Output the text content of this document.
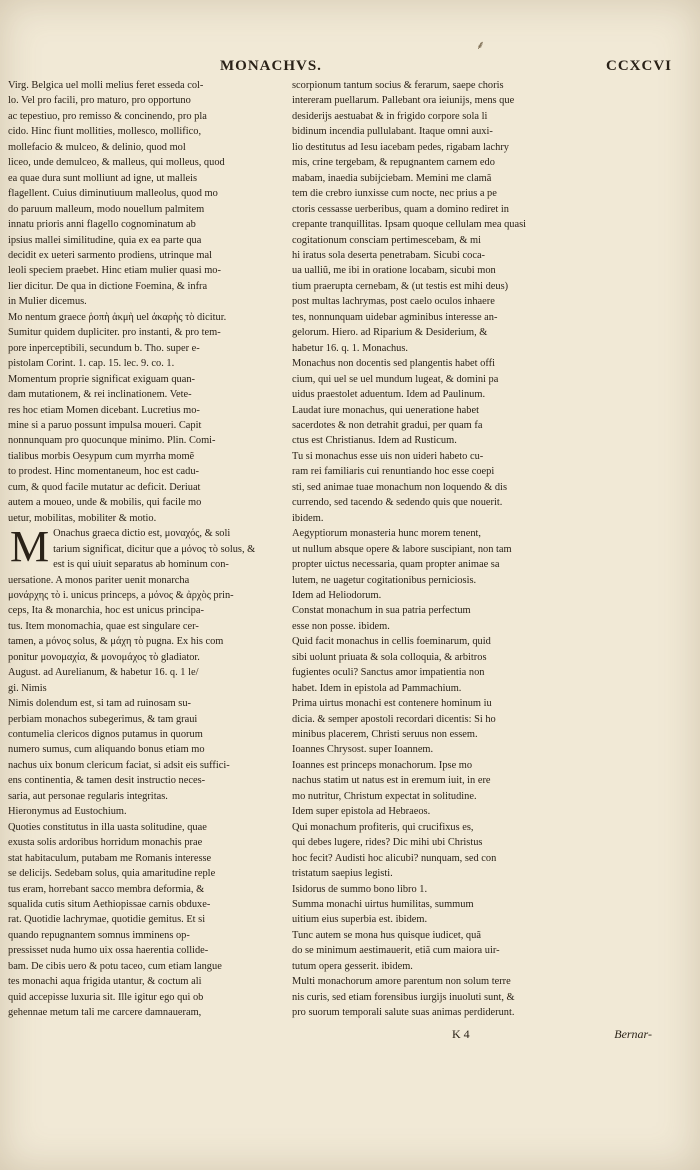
⸙
MONACHVS.	CCXCVI
Virg. Belgica uel molli melius feret essedа col-
lo. Vel pro facili, pro maturo, pro opportuno
ac tepestiuo, pro remisso & concinendo, pro pla
cido. Hinc fiunt mollities, mollesco, mollifico,
mollefacio & mulceo, & delinio, quod mol
liceo, unde demulceo, & malleus, qui molleus, quod
ea quae dura sunt molliunt ad igne, ut malleis
flagellent. Cuius diminutiuum malleolus, quod mo
do paruum malleum, modo nouellum palmitem
innatu prioris anni flagello cognominatum ab
ipsius mallei similitudine, quia ex ea parte qua
decidit ex ueteri sarmento prodiens, utrinque mal
leoli speciem praebet. Hinc etiam mulier quasi mo-
lier dicitur. De qua in dictione Foemina, & infra
in Mulier dicemus.
Mo nentum graece ῥοπὴ ἀκμὴ uel ἀκαρὴς τὸ dicitur.
Sumitur quidem dupliciter. pro instanti, & pro tem-
pore inperceptibili, secundum b. Tho. super e-
pistolam Corint. 1. cap. 15. lec. 9. co. 1.
Momentum proprie significat exiguam quan-
dam mutationem, & rei inclinationem. Vete-
res hoc etiam Momen dicebant. Lucretius mo-
mine si a paruo possunt impulsa moueri. Capit
nonnunquam pro quocunque minimo. Plin. Comi-
tialibus morbis Oesypum cum myrrha momẽ
to prodest. Hinc momentaneum, hoc est cadu-
cum, & quod facile mutatur ac deficit. Deriuat
autem a moueo, unde & mobilis, qui facile mo
uetur, mobilitas, mobiliter & motio.
M Onachus graeca dictio est, μοναχός, & soli
tarium significat, dicitur que a μόνος τὸ solus, &
est is qui uiuit separatus ab hominum con-
uersatione. A monos pariter uenit monarcha
μονάρχης τὸ i. unicus princeps, a μόνος & ἀρχὸς prin-
ceps, Ita & monarchia, hoc est unicus principa-
tus. Item monomachia, quae est singulare cer-
tamen, a μόνος solus, & μάχη τὸ pugna. Ex his com
ponitur μονομαχία, & μονομάχος τὸ gladiator.
August. ad Aurelianum, & habetur 16. q. 1 le/
gi. Nimis
Nimis dolendum est, si tam ad ruinosam su-
perbiam monachos subegerimus, & tam graui
contumelia clericos dignos putamus in quorum
numero sumus, cum aliquando bonus etiam mo
nachus uix bonum clericum faciat, si adsit eis suffici-
ens continentia, & tamen desit instructio neces-
saria, aut personae regularis integritas.
Hieronymus ad Eustochium.
Quoties constitutus in illa uasta solitudine, quae
exusta solis ardoribus horridum monachis prae
stat habitaculum, putabam me Romanis interesse
se delicijs. Sedebam solus, quia amaritudine reple
tus eram, horrebant sacco membra deformia, &
squalida cutis situm Aethiopissae carnis obduxe-
rat. Quotidie lachrymae, quotidie gemitus. Et si
quando repugnantem somnus imminens op-
pressisset nuda humo uix ossa haerentia collide-
bam. De cibis uero & potu taceo, cum etiam langue
tes monachi aqua frigida utantur, & coctum ali
quid accepisse luxuria sit. Ille igitur ego qui ob
gehennae metum tali me carcere damnaueram,
scorpionum tantum socius & ferarum, saepe choris
intereram puellarum. Pallebant ora ieiunijs, mens que
desiderijs aestuabat & in frigido corpore sola li
bidinum incendia pullulabant. Itaque omni auxi-
lio destitutus ad Iesu iacebam pedes, rigabam lachry
mis, crine tergebam, & repugnantem carnem edo
mabam, inaedia subijciebam. Memini me clamã
tem die crebro iunxisse cum nocte, nec prius a pe
ctoris cessasse uerberibus, quam a domino rediret in
crepante tranquillitas. Ipsam quoque cellulam mea quasi
cogitationum consciam pertimescebam, & mi
hi iratus sola deserta penetrabam. Sicubi coca-
ua ualliũ, me ibi in oratione locabam, sicubi mon
tium praerupta cernebam, & (ut testis est mihi deus)
post multas lachrymas, post caelo oculos inhaere
tes, nonnunquam uidebar agminibus interesse an-
gelorum. Hiero. ad Riparium & Desiderium, &
habetur 16. q. 1. Monachus.
Monachus non docentis sed plangentis habet offi
cium, qui uel se uel mundum lugeat, & domini pa
uidus praestolet aduentum. Idem ad Paulinum.
Laudat iure monachus, qui ueneratione habet
sacerdotes & non detrahit gradui, per quam fa
ctus est Christianus. Idem ad Rusticum.
Tu si monachus esse uis non uideri habeto cu-
ram rei familiaris cui renuntiando hoc esse coepi
sti, sed animae tuae monachum non loquendo & dis
currendo, sed tacendo & sedendo quis que nouerit.
ibidem.
Aegyptiorum monasteria hunc morem tenent,
ut nullum absque opere & labore suscipiant, non tam
propter uictus necessaria, quam propter animae sa
lutem, ne uagetur cogitationibus perniciosis.
Idem ad Heliodorum.
Constat monachum in sua patria perfectum
esse non posse. ibidem.
Quid facit monachus in cellis foeminarum, quid
sibi uolunt priuata & sola colloquia, & arbitros
fugientes oculi? Sanctus amor impatientia non
habet. Idem in epistola ad Pammachium.
Prima uirtus monachi est contenere hominum iu
dicia. & semper apostoli recordari dicentis: Si ho
minibus placerem, Christi seruus non essem.
Ioannes Chrysost. super Ioannem.
Ioannes est princeps monachorum. Ipse mo
nachus statim ut natus est in eremum iuit, in ere
mo nutritur, Christum expectat in solitudine.
Idem super epistola ad Hebraeos.
Qui monachum profiteris, qui crucifixus es,
qui debes lugere, rides? Dic mihi ubi Christus
hoc fecit? Audisti hoc alicubi? nunquam, sed con
tristatum saepius legisti.
Isidorus de summo bono libro 1.
Summa monachi uirtus humilitas, summum
uitium eius superbia est. ibidem.
Tunc autem se mona hus quisque iudicet, quã
do se minimum aestimauerit, etiã cum maiora uir-
tutum opera gesserit. ibidem.
Multi monachorum amore parentum non solum terre
nis curis, sed etiam forensibus iurgijs inuoluti sunt, &
pro suorum temporali salute suas animas perdiderunt.
K 4	Bernar-
